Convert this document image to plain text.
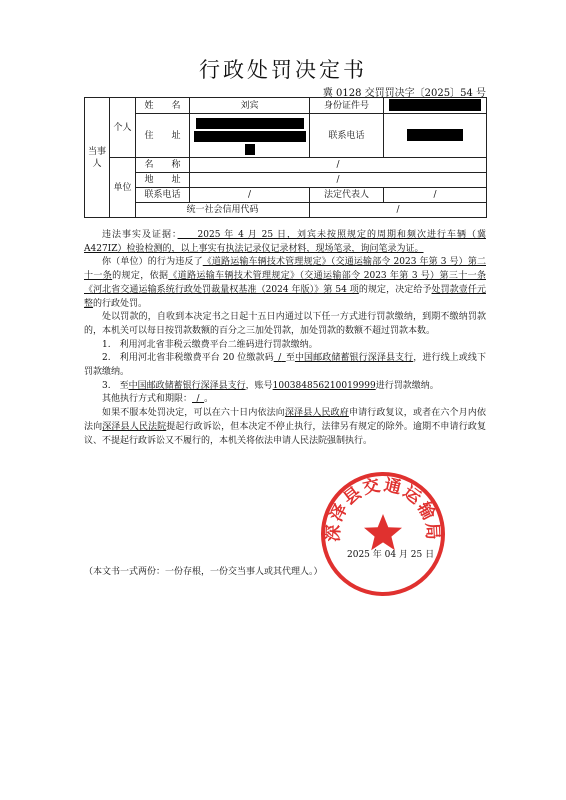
行政处罚决定书
冀 0128 交罚罚决字〔2025〕54 号
当事人	个人	姓　　名	刘宾	身份证件号	
		住　　址		联系电话	

	单位	名　　称	/		
		地　　址	/		
		联系电话	/	法定代表人	/
		统一社会信用代码		/	

违法事实及证据：　　2025 年 4 月 25 日，刘宾未按照规定的周期和频次进行车辆（冀 A427IZ）检验检测的，以上事实有执法记录仪记录材料，现场笔录，询问笔录为证。

你（单位）的行为违反了《道路运输车辆技术管理规定》（交通运输部令 2023 年第 3 号）第二十一条的规定，依据《道路运输车辆技术管理规定》（交通运输部令 2023 年第 3 号）第三十一条《河北省交通运输系统行政处罚裁量权基准（2024 年版）》第 54 项的规定，决定给予处罚款壹仟元整的行政处罚。

处以罚款的，自收到本决定书之日起十五日内通过以下任一方式进行罚款缴纳，到期不缴纳罚款的，本机关可以每日按罚款数额的百分之三加处罚款，加处罚款的数额不超过罚款本数。

1.　利用河北省非税云缴费平台二维码进行罚款缴纳。

2.　利用河北省非税缴费平台 20 位缴款码  /  至中国邮政储蓄银行深泽县支行，进行线上或线下罚款缴纳。

3.　至中国邮政储蓄银行深泽县支行，账号100384856210019999进行罚款缴纳。

其他执行方式和期限：  /  。

如果不服本处罚决定，可以在六十日内依法向深泽县人民政府申请行政复议，或者在六个月内依法向深泽县人民法院提起行政诉讼，但本决定不停止执行，法律另有规定的除外。逾期不申请行政复议、不提起行政诉讼又不履行的，本机关将依法申请人民法院强制执行。

2025 年 04 月 25 日
深泽县交通运输局
（本文书一式两份：一份存根，一份交当事人或其代理人。）
